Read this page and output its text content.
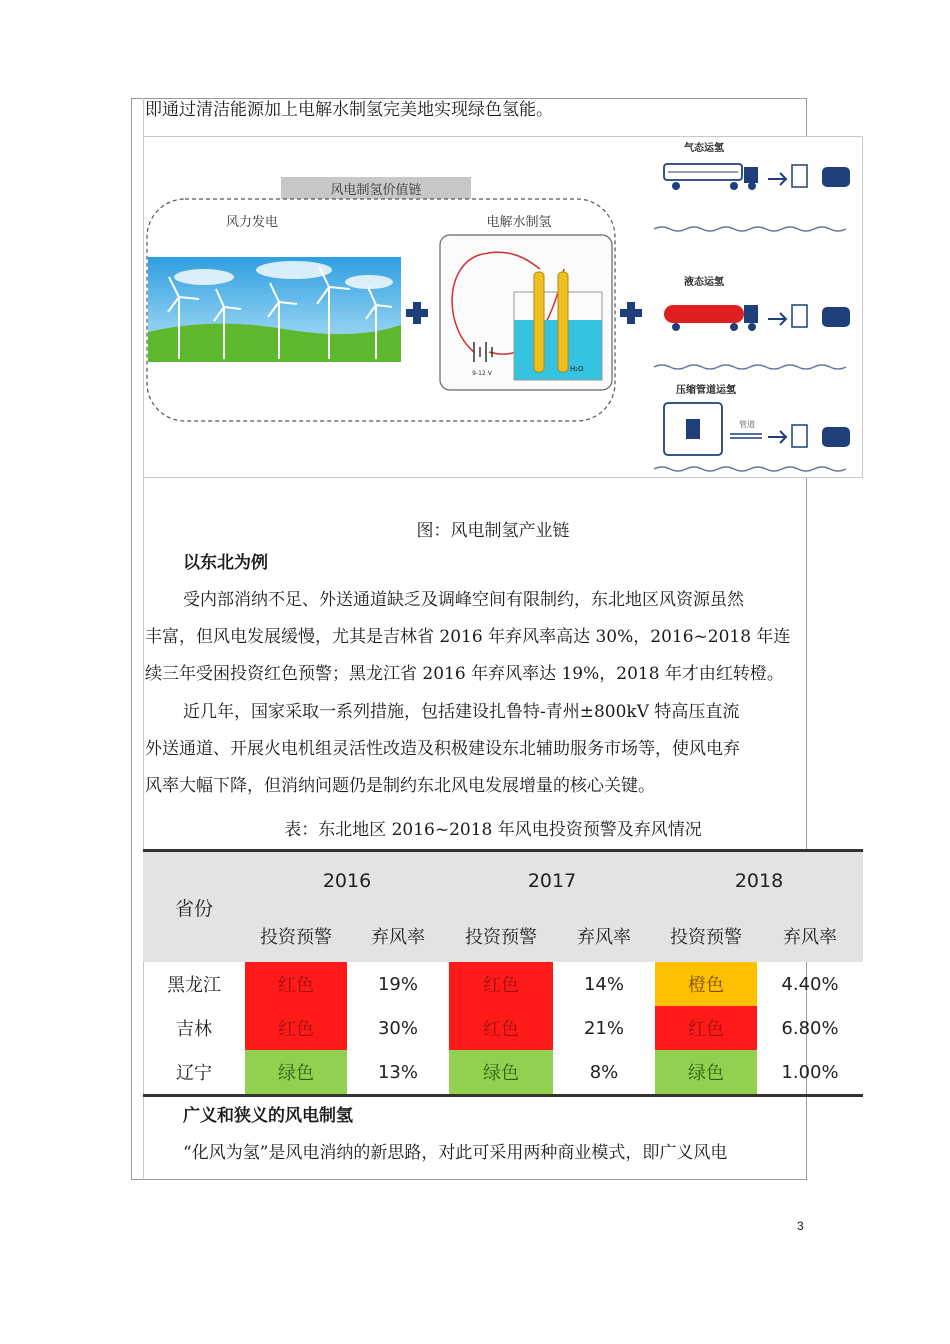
即通过清洁能源加上电解水制氢完美地实现绿色氢能。
风电制氢价值链
风力发电	电解水制氢
9-12 V
H₂O
气态运氢
液态运氢
压缩管道运氢
管道
图：风电制氢产业链
以东北为例
受内部消纳不足、外送通道缺乏及调峰空间有限制约，东北地区风资源虽然
丰富，但风电发展缓慢，尤其是吉林省 2016 年弃风率高达 30%，2016~2018 年连
续三年受困投资红色预警；黑龙江省 2016 年弃风率达 19%，2018 年才由红转橙。
近几年，国家采取一系列措施，包括建设扎鲁特-青州±800kV 特高压直流
外送通道、开展火电机组灵活性改造及积极建设东北辅助服务市场等，使风电弃
风率大幅下降，但消纳问题仍是制约东北风电发展增量的核心关键。
表：东北地区 2016~2018 年风电投资预警及弃风情况
省份	2016		2017		2018	
	投资预警	弃风率	投资预警	弃风率	投资预警	弃风率
黑龙江	红色	19%	红色	14%	橙色	4.40%
吉林	红色	30%	红色	21%	红色	6.80%
辽宁	绿色	13%	绿色	8%	绿色	1.00%
广义和狭义的风电制氢
“化风为氢”是风电消纳的新思路，对此可采用两种商业模式，即广义风电
3
